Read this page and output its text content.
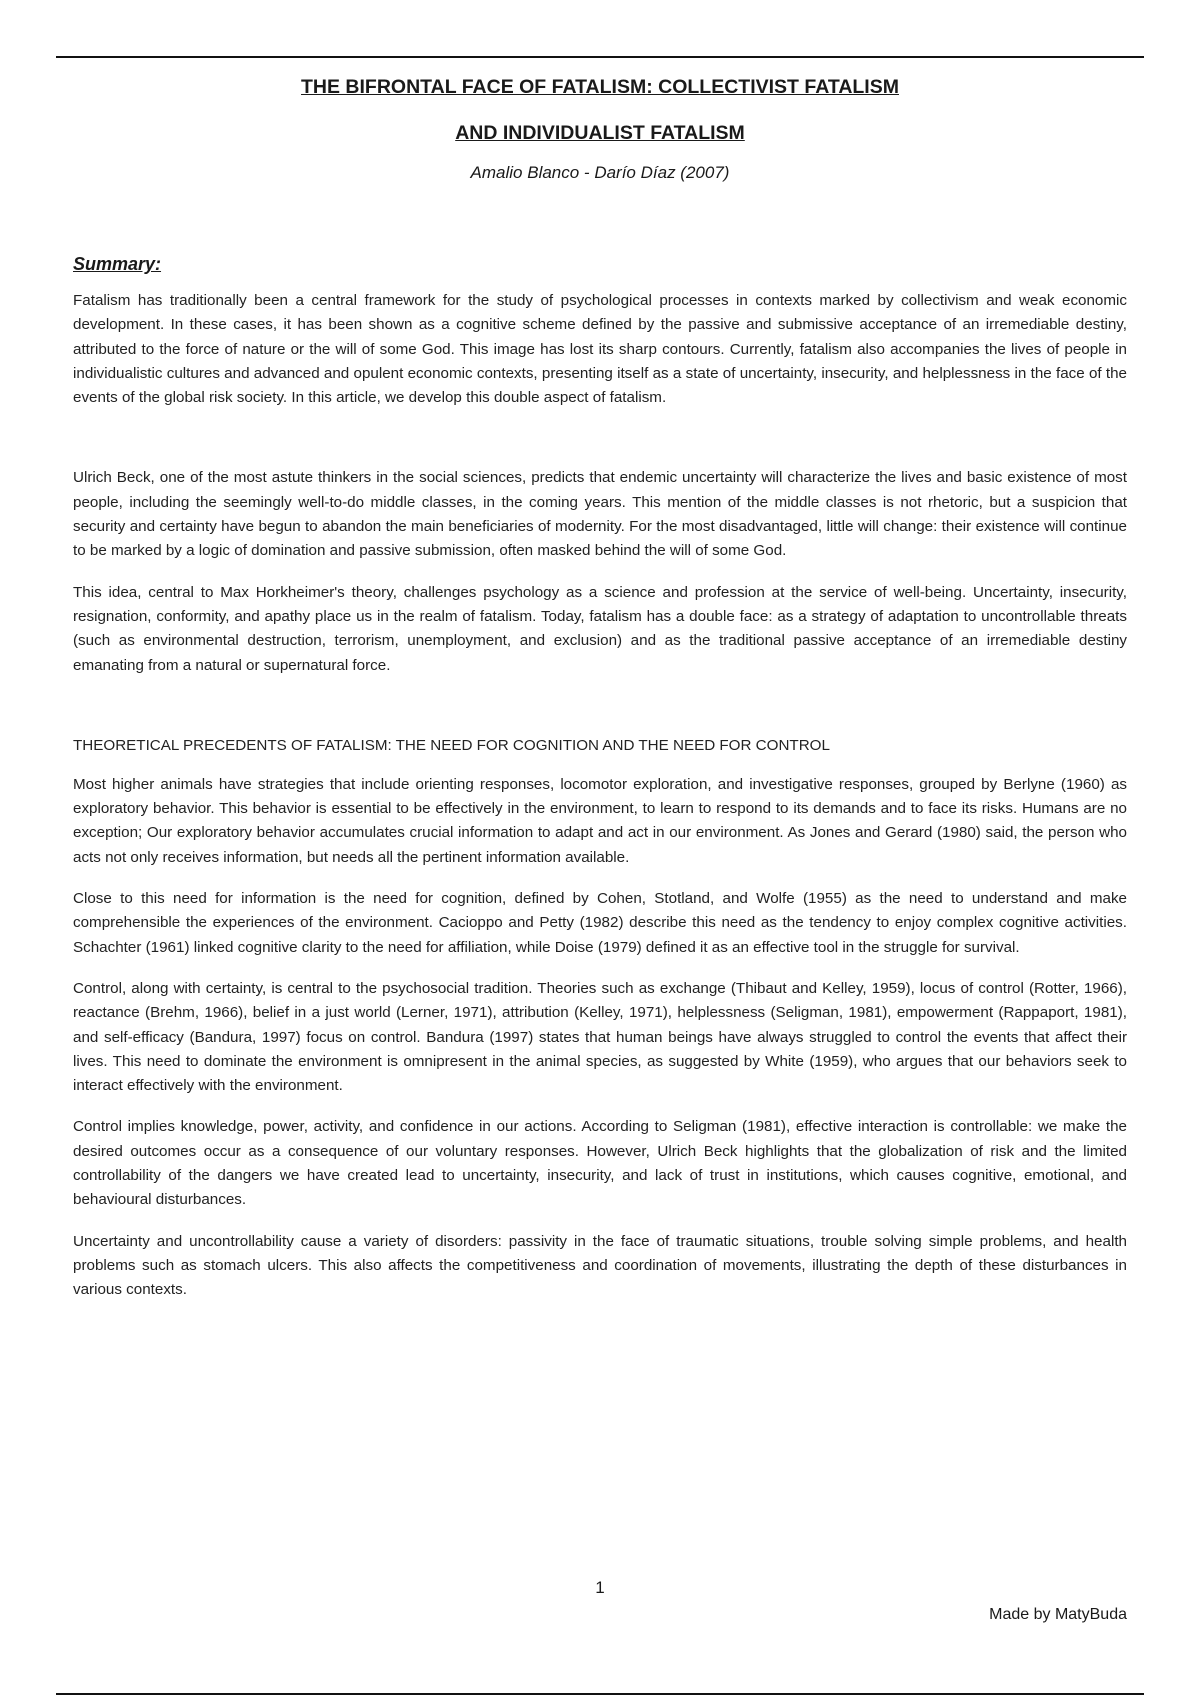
THE BIFRONTAL FACE OF FATALISM: COLLECTIVIST FATALISM
AND INDIVIDUALIST FATALISM
Amalio Blanco - Darío Díaz (2007)
Summary:

Fatalism has traditionally been a central framework for the study of psychological processes in contexts marked by collectivism and weak economic development. In these cases, it has been shown as a cognitive scheme defined by the passive and submissive acceptance of an irremediable destiny, attributed to the force of nature or the will of some God. This image has lost its sharp contours. Currently, fatalism also accompanies the lives of people in individualistic cultures and advanced and opulent economic contexts, presenting itself as a state of uncertainty, insecurity, and helplessness in the face of the events of the global risk society. In this article, we develop this double aspect of fatalism.

Ulrich Beck, one of the most astute thinkers in the social sciences, predicts that endemic uncertainty will characterize the lives and basic existence of most people, including the seemingly well-to-do middle classes, in the coming years. This mention of the middle classes is not rhetoric, but a suspicion that security and certainty have begun to abandon the main beneficiaries of modernity. For the most disadvantaged, little will change: their existence will continue to be marked by a logic of domination and passive submission, often masked behind the will of some God.

This idea, central to Max Horkheimer's theory, challenges psychology as a science and profession at the service of well-being. Uncertainty, insecurity, resignation, conformity, and apathy place us in the realm of fatalism. Today, fatalism has a double face: as a strategy of adaptation to uncontrollable threats (such as environmental destruction, terrorism, unemployment, and exclusion) and as the traditional passive acceptance of an irremediable destiny emanating from a natural or supernatural force.

THEORETICAL PRECEDENTS OF FATALISM: THE NEED FOR COGNITION AND THE NEED FOR CONTROL

Most higher animals have strategies that include orienting responses, locomotor exploration, and investigative responses, grouped by Berlyne (1960) as exploratory behavior. This behavior is essential to be effectively in the environment, to learn to respond to its demands and to face its risks. Humans are no exception; Our exploratory behavior accumulates crucial information to adapt and act in our environment. As Jones and Gerard (1980) said, the person who acts not only receives information, but needs all the pertinent information available.

Close to this need for information is the need for cognition, defined by Cohen, Stotland, and Wolfe (1955) as the need to understand and make comprehensible the experiences of the environment. Cacioppo and Petty (1982) describe this need as the tendency to enjoy complex cognitive activities. Schachter (1961) linked cognitive clarity to the need for affiliation, while Doise (1979) defined it as an effective tool in the struggle for survival.

Control, along with certainty, is central to the psychosocial tradition. Theories such as exchange (Thibaut and Kelley, 1959), locus of control (Rotter, 1966), reactance (Brehm, 1966), belief in a just world (Lerner, 1971), attribution (Kelley, 1971), helplessness (Seligman, 1981), empowerment (Rappaport, 1981), and self-efficacy (Bandura, 1997) focus on control. Bandura (1997) states that human beings have always struggled to control the events that affect their lives. This need to dominate the environment is omnipresent in the animal species, as suggested by White (1959), who argues that our behaviors seek to interact effectively with the environment.

Control implies knowledge, power, activity, and confidence in our actions. According to Seligman (1981), effective interaction is controllable: we make the desired outcomes occur as a consequence of our voluntary responses. However, Ulrich Beck highlights that the globalization of risk and the limited controllability of the dangers we have created lead to uncertainty, insecurity, and lack of trust in institutions, which causes cognitive, emotional, and behavioural disturbances.

Uncertainty and uncontrollability cause a variety of disorders: passivity in the face of traumatic situations, trouble solving simple problems, and health problems such as stomach ulcers. This also affects the competitiveness and coordination of movements, illustrating the depth of these disturbances in various contexts.

1
Made by MatyBuda
